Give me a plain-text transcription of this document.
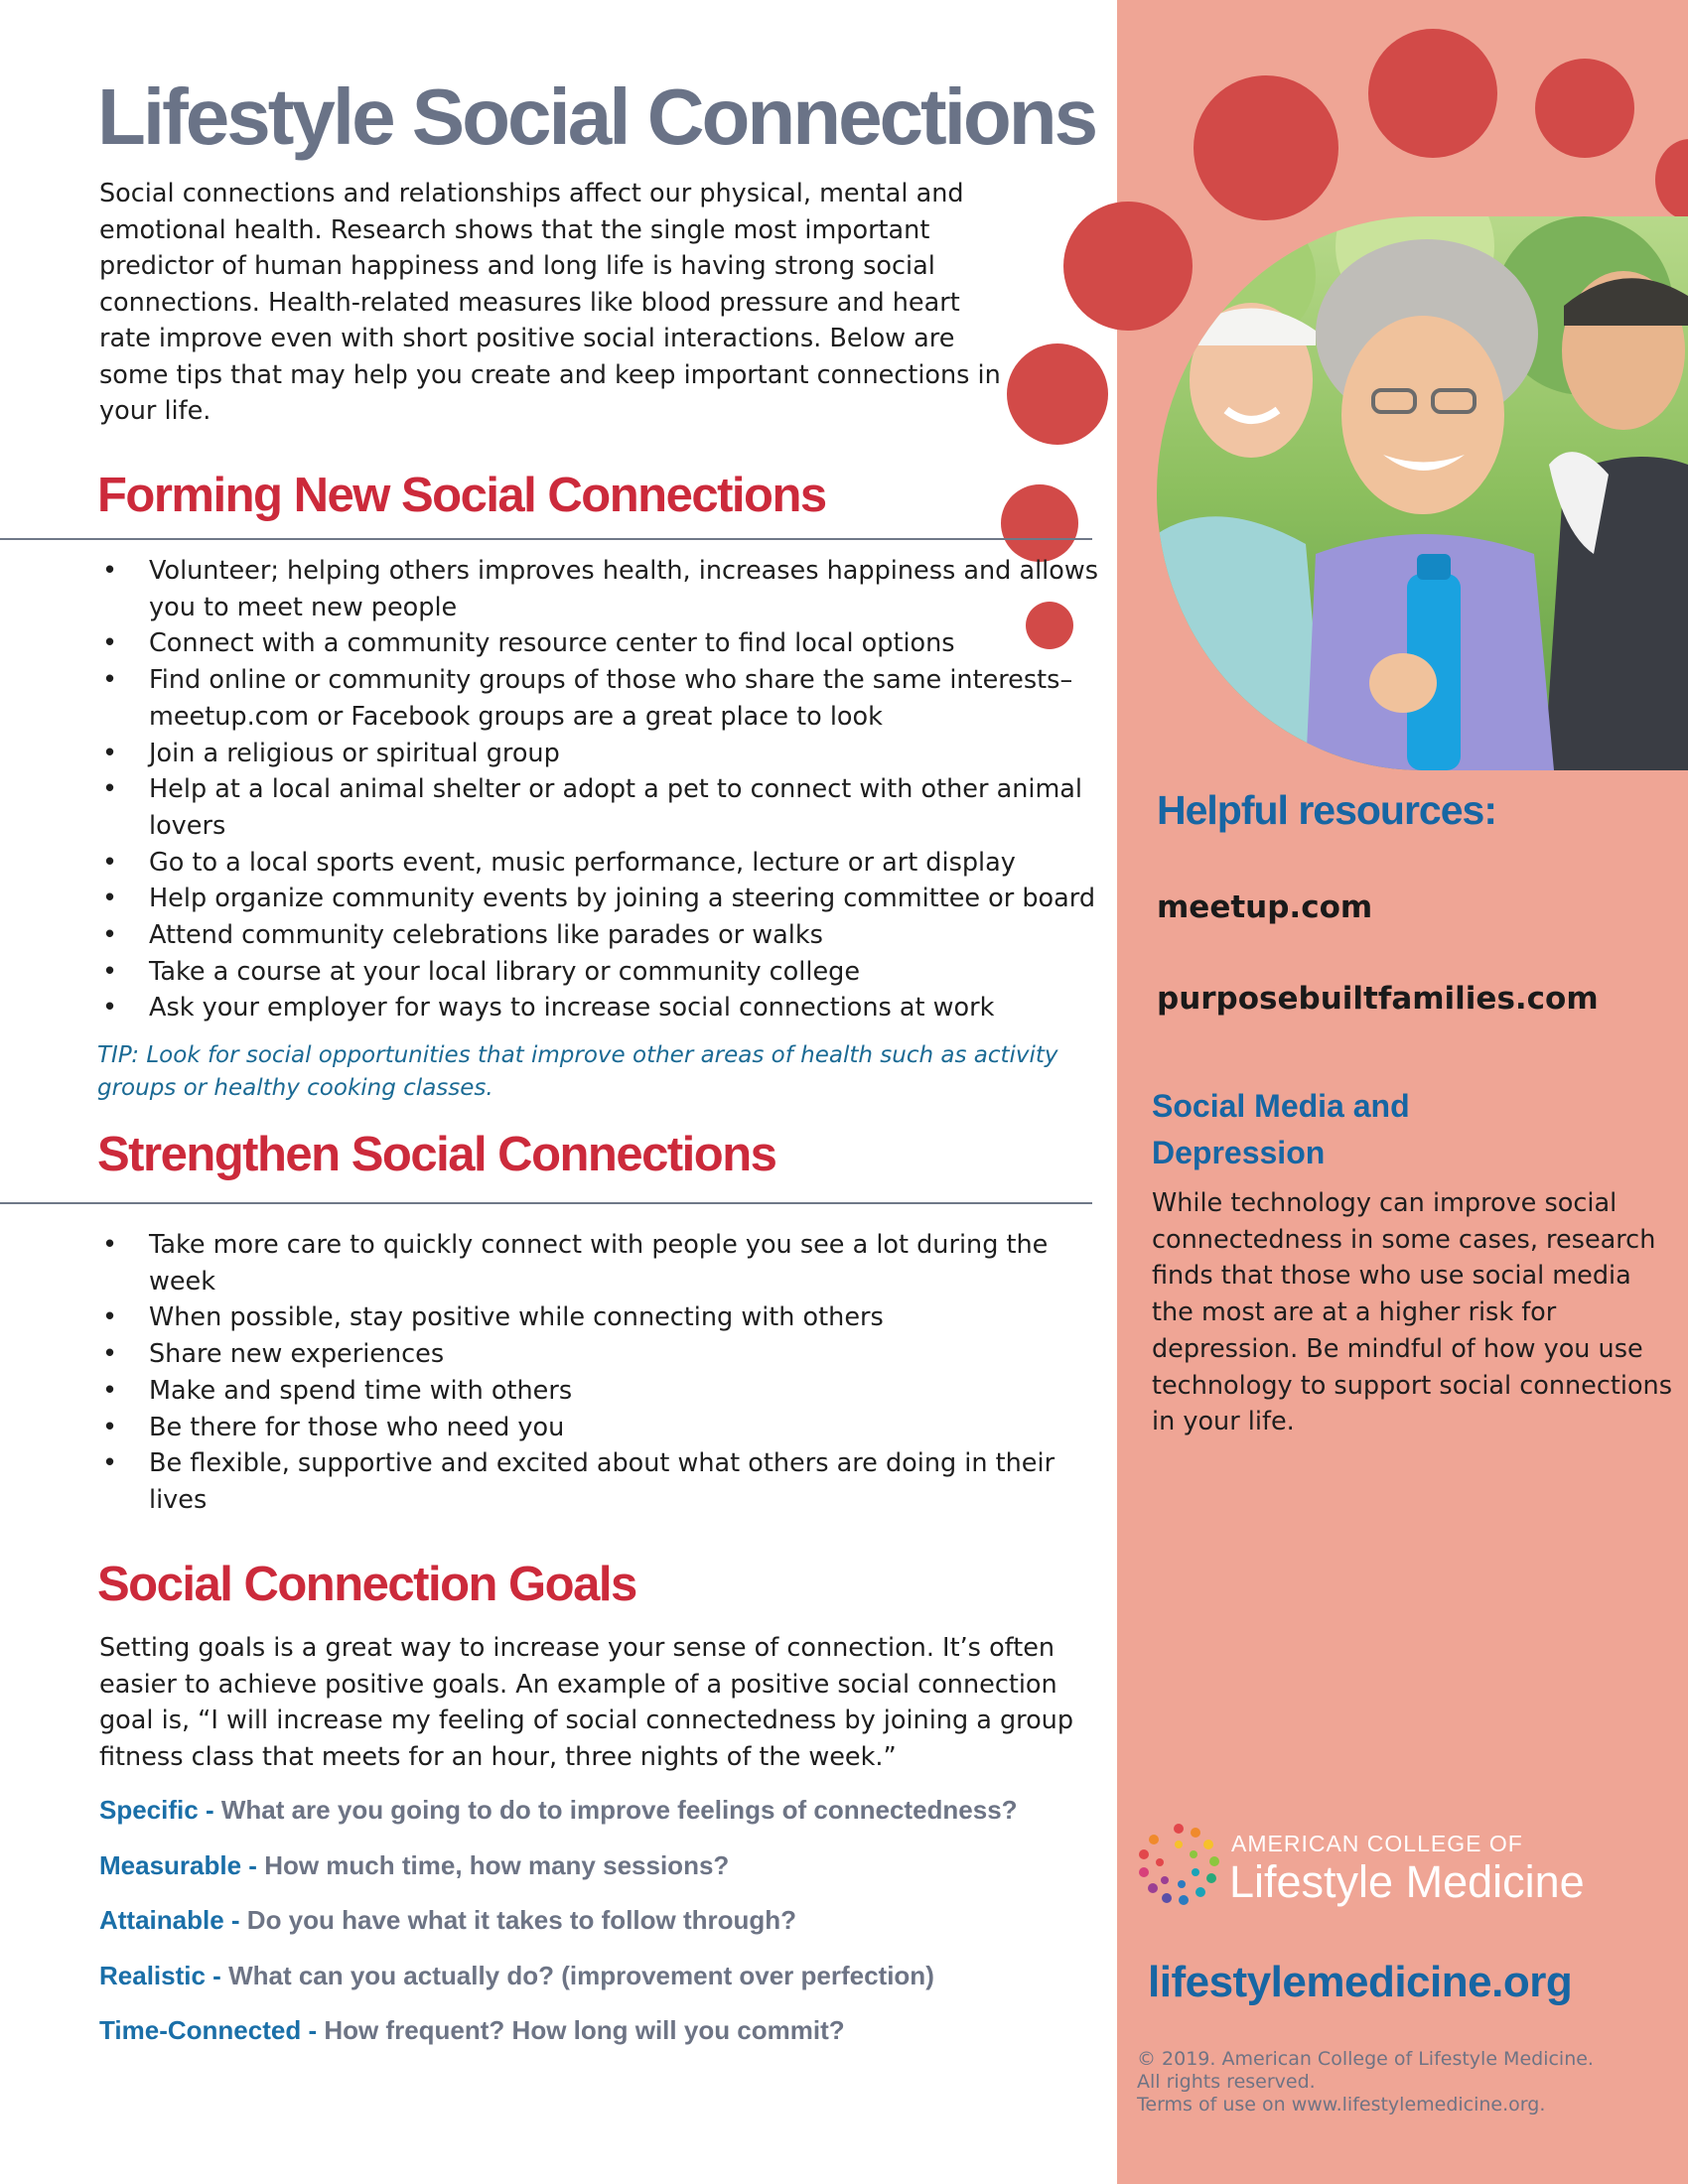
Lifestyle Social Connections

Social connections and relationships affect our physical, mental and emotional health. Research shows that the single most important predictor of human happiness and long life is having strong social connections. Health-related measures like blood pressure and heart rate improve even with short positive social interactions. Below are some tips that may help you create and keep important connections in your life.

Forming New Social Connections
• Volunteer; helping others improves health, increases happiness and allows you to meet new people
• Connect with a community resource center to find local options
• Find online or community groups of those who share the same interests– meetup.com or Facebook groups are a great place to look
• Join a religious or spiritual group
• Help at a local animal shelter or adopt a pet to connect with other animal lovers
• Go to a local sports event, music performance, lecture or art display
• Help organize community events by joining a steering committee or board
• Attend community celebrations like parades or walks
• Take a course at your local library or community college
• Ask your employer for ways to increase social connections at work

TIP: Look for social opportunities that improve other areas of health such as activity groups or healthy cooking classes.

Strengthen Social Connections
• Take more care to quickly connect with people you see a lot during the week
• When possible, stay positive while connecting with others
• Share new experiences
• Make and spend time with others
• Be there for those who need you
• Be flexible, supportive and excited about what others are doing in their lives
Social Connection Goals

Setting goals is a great way to increase your sense of connection. It’s often easier to achieve positive goals. An example of a positive social connection goal is, “I will increase my feeling of social connectedness by joining a group fitness class that meets for an hour, three nights of the week.”

Specific - What are you going to do to improve feelings of connectedness?
Measurable - How much time, how many sessions?
Attainable - Do you have what it takes to follow through?
Realistic - What can you actually do? (improvement over perfection)
Time-Connected - How frequent? How long will you commit?
Helpful resources:

meetup.com

purposebuiltfamilies.com

Social Media and Depression

While technology can improve social connectedness in some cases, research finds that those who use social media the most are at a higher risk for depression. Be mindful of how you use technology to support social connections in your life.

AMERICAN COLLEGE OF

Lifestyle Medicine

lifestylemedicine.org

© 2019. American College of Lifestyle Medicine.
All rights reserved.
Terms of use on www.lifestylemedicine.org.
